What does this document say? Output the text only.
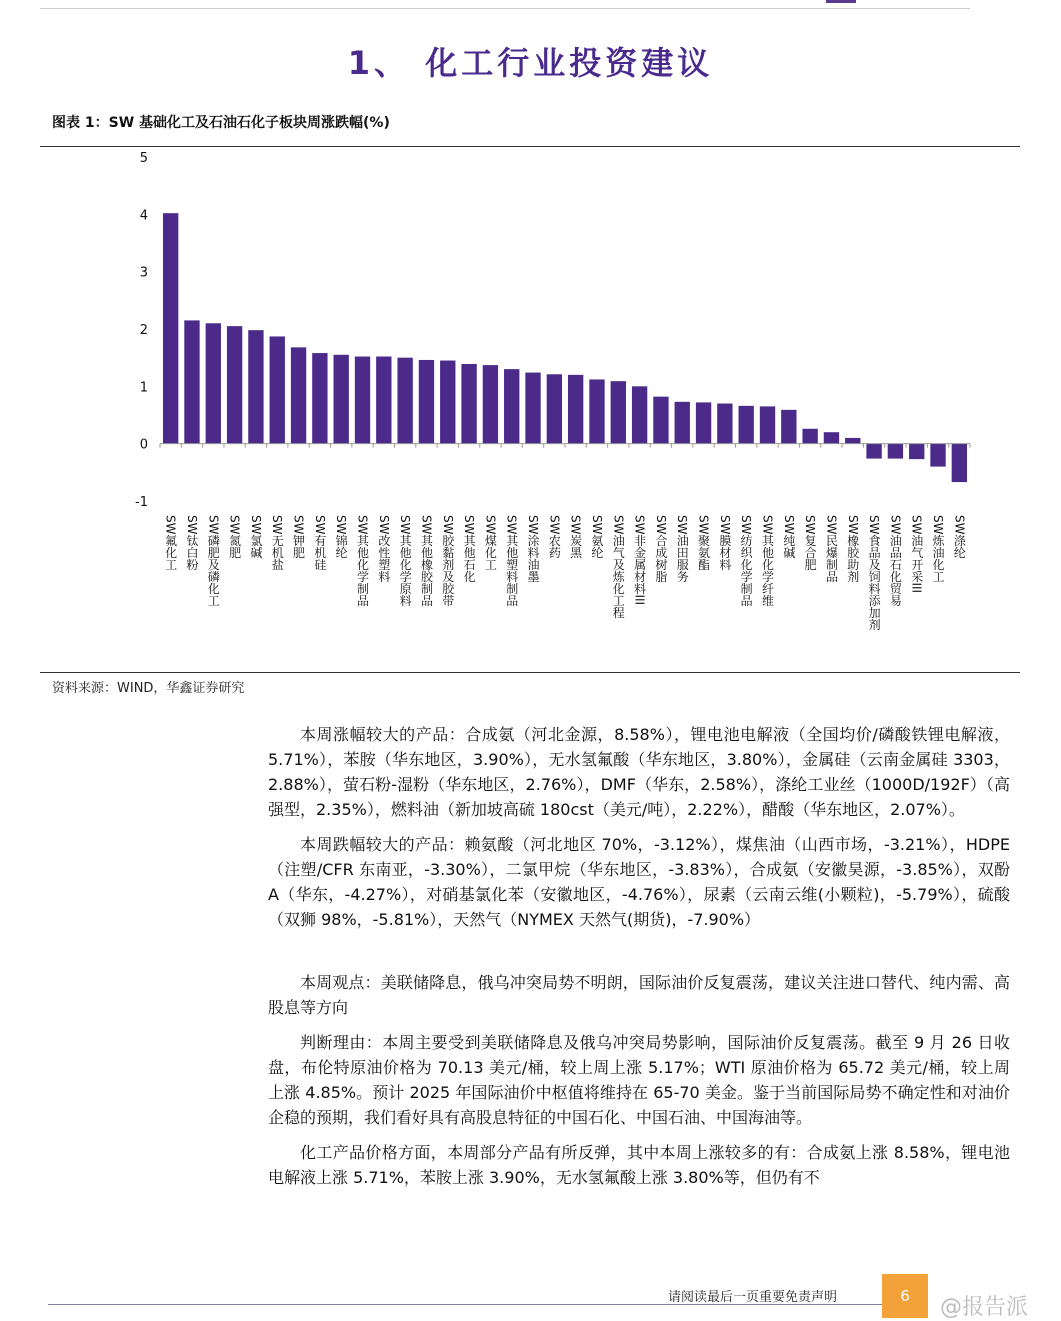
1、 化工行业投资建议
图表 1：SW 基础化工及石油石化子板块周涨跌幅(%)
5
4
3
2
1
0
-1
SW氟化工 SW钛白粉 SW磷肥及磷化工 SW氮肥 SW氯碱 SW无机盐 SW钾肥 SW有机硅 SW锦纶 SW其他化学制品 SW改性塑料 SW其他化学原料 SW其他橡胶制品 SW胶黏剂及胶带 SW其他石化 SW煤化工 SW其他塑料制品 SW涂料油墨 SW农药 SW炭黑 SW氨纶 SW油气及炼化工程 SW非金属材料III SW合成树脂 SW油田服务 SW聚氨酯 SW膜材料 SW纺织化学制品 SW其他化学纤维 SW纯碱 SW复合肥 SW民爆制品 SW橡胶助剂 SW食品及饲料添加剂 SW油品石化贸易 SW油气开采III SW炼油化工 SW涤纶
资料来源：WIND，华鑫证券研究

本周涨幅较大的产品：合成氨（河北金源，8.58%），锂电池电解液（全国均价/磷酸铁锂电解液，5.71%），苯胺（华东地区，3.90%），无水氢氟酸（华东地区，3.80%），金属硅（云南金属硅 3303，2.88%），萤石粉-湿粉（华东地区，2.76%），DMF（华东，2.58%），涤纶工业丝（1000D/192F）（高强型，2.35%），燃料油（新加坡高硫 180cst（美元/吨），2.22%），醋酸（华东地区，2.07%）。

本周跌幅较大的产品：赖氨酸（河北地区 70%，-3.12%），煤焦油（山西市场，-3.21%），HDPE（注塑/CFR 东南亚，-3.30%），二氯甲烷（华东地区，-3.83%），合成氨（安徽昊源，-3.85%），双酚 A（华东，-4.27%），对硝基氯化苯（安徽地区，-4.76%），尿素（云南云维(小颗粒)，-5.79%），硫酸（双狮 98%，-5.81%），天然气（NYMEX 天然气(期货)，-7.90%）

本周观点：美联储降息，俄乌冲突局势不明朗，国际油价反复震荡，建议关注进口替代、纯内需、高股息等方向

判断理由：本周主要受到美联储降息及俄乌冲突局势影响，国际油价反复震荡。截至 9 月 26 日收盘，布伦特原油价格为 70.13 美元/桶，较上周上涨 5.17%；WTI 原油价格为 65.72 美元/桶，较上周上涨 4.85%。预计 2025 年国际油价中枢值将维持在 65-70 美金。鉴于当前国际局势不确定性和对油价企稳的预期，我们看好具有高股息特征的中国石化、中国石油、中国海油等。

化工产品价格方面，本周部分产品有所反弹，其中本周上涨较多的有：合成氨上涨 8.58%，锂电池电解液上涨 5.71%，苯胺上涨 3.90%，无水氢氟酸上涨 3.80%等，但仍有不

请阅读最后一页重要免责声明	6 @报告派
